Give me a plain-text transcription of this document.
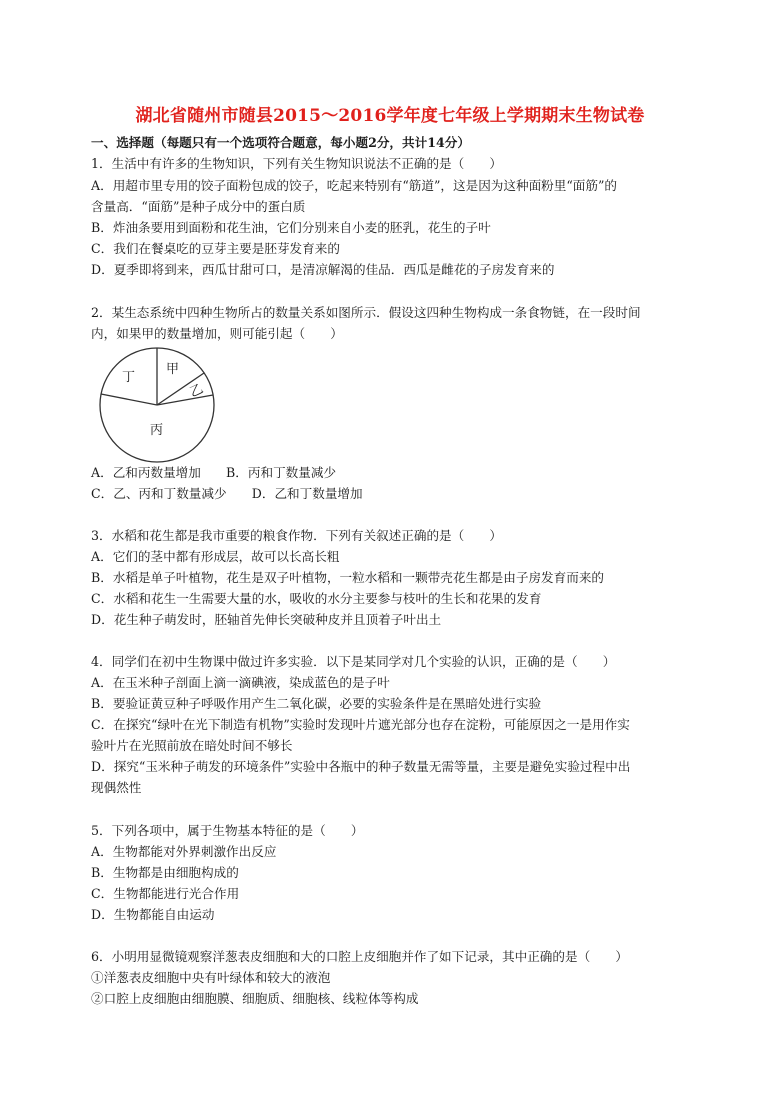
湖北省随州市随县2015～2016学年度七年级上学期期末生物试卷
一、选择题（每题只有一个选项符合题意，每小题2分，共计14分）
1．生活中有许多的生物知识，下列有关生物知识说法不正确的是（　　）
A．用超市里专用的饺子面粉包成的饺子，吃起来特别有“筋道”，这是因为这种面粉里“面筋”的
含量高．“面筋”是种子成分中的蛋白质
B．炸油条要用到面粉和花生油，它们分别来自小麦的胚乳，花生的子叶
C．我们在餐桌吃的豆芽主要是胚芽发育来的
D．夏季即将到来，西瓜甘甜可口，是清凉解渴的佳品．西瓜是雌花的子房发育来的
2．某生态系统中四种生物所占的数量关系如图所示．假设这四种生物构成一条食物链，在一段时间
内，如果甲的数量增加，则可能引起（　　）
丁
甲
乙
丙
A．乙和丙数量增加　　B．丙和丁数量减少
C．乙、丙和丁数量减少　　D．乙和丁数量增加
3．水稻和花生都是我市重要的粮食作物．下列有关叙述正确的是（　　）
A．它们的茎中都有形成层，故可以长高长粗
B．水稻是单子叶植物，花生是双子叶植物，一粒水稻和一颗带壳花生都是由子房发育而来的
C．水稻和花生一生需要大量的水，吸收的水分主要参与枝叶的生长和花果的发育
D．花生种子萌发时，胚轴首先伸长突破种皮并且顶着子叶出土
4．同学们在初中生物课中做过许多实验．以下是某同学对几个实验的认识，正确的是（　　）
A．在玉米种子剖面上滴一滴碘液，染成蓝色的是子叶
B．要验证黄豆种子呼吸作用产生二氧化碳，必要的实验条件是在黑暗处进行实验
C．在探究“绿叶在光下制造有机物”实验时发现叶片遮光部分也存在淀粉，可能原因之一是用作实
验叶片在光照前放在暗处时间不够长
D．探究“玉米种子萌发的环境条件”实验中各瓶中的种子数量无需等量，主要是避免实验过程中出
现偶然性
5．下列各项中，属于生物基本特征的是（　　）
A．生物都能对外界刺激作出反应
B．生物都是由细胞构成的
C．生物都能进行光合作用
D．生物都能自由运动
6．小明用显微镜观察洋葱表皮细胞和大的口腔上皮细胞并作了如下记录，其中正确的是（　　）
①洋葱表皮细胞中央有叶绿体和较大的液泡
②口腔上皮细胞由细胞膜、细胞质、细胞核、线粒体等构成
